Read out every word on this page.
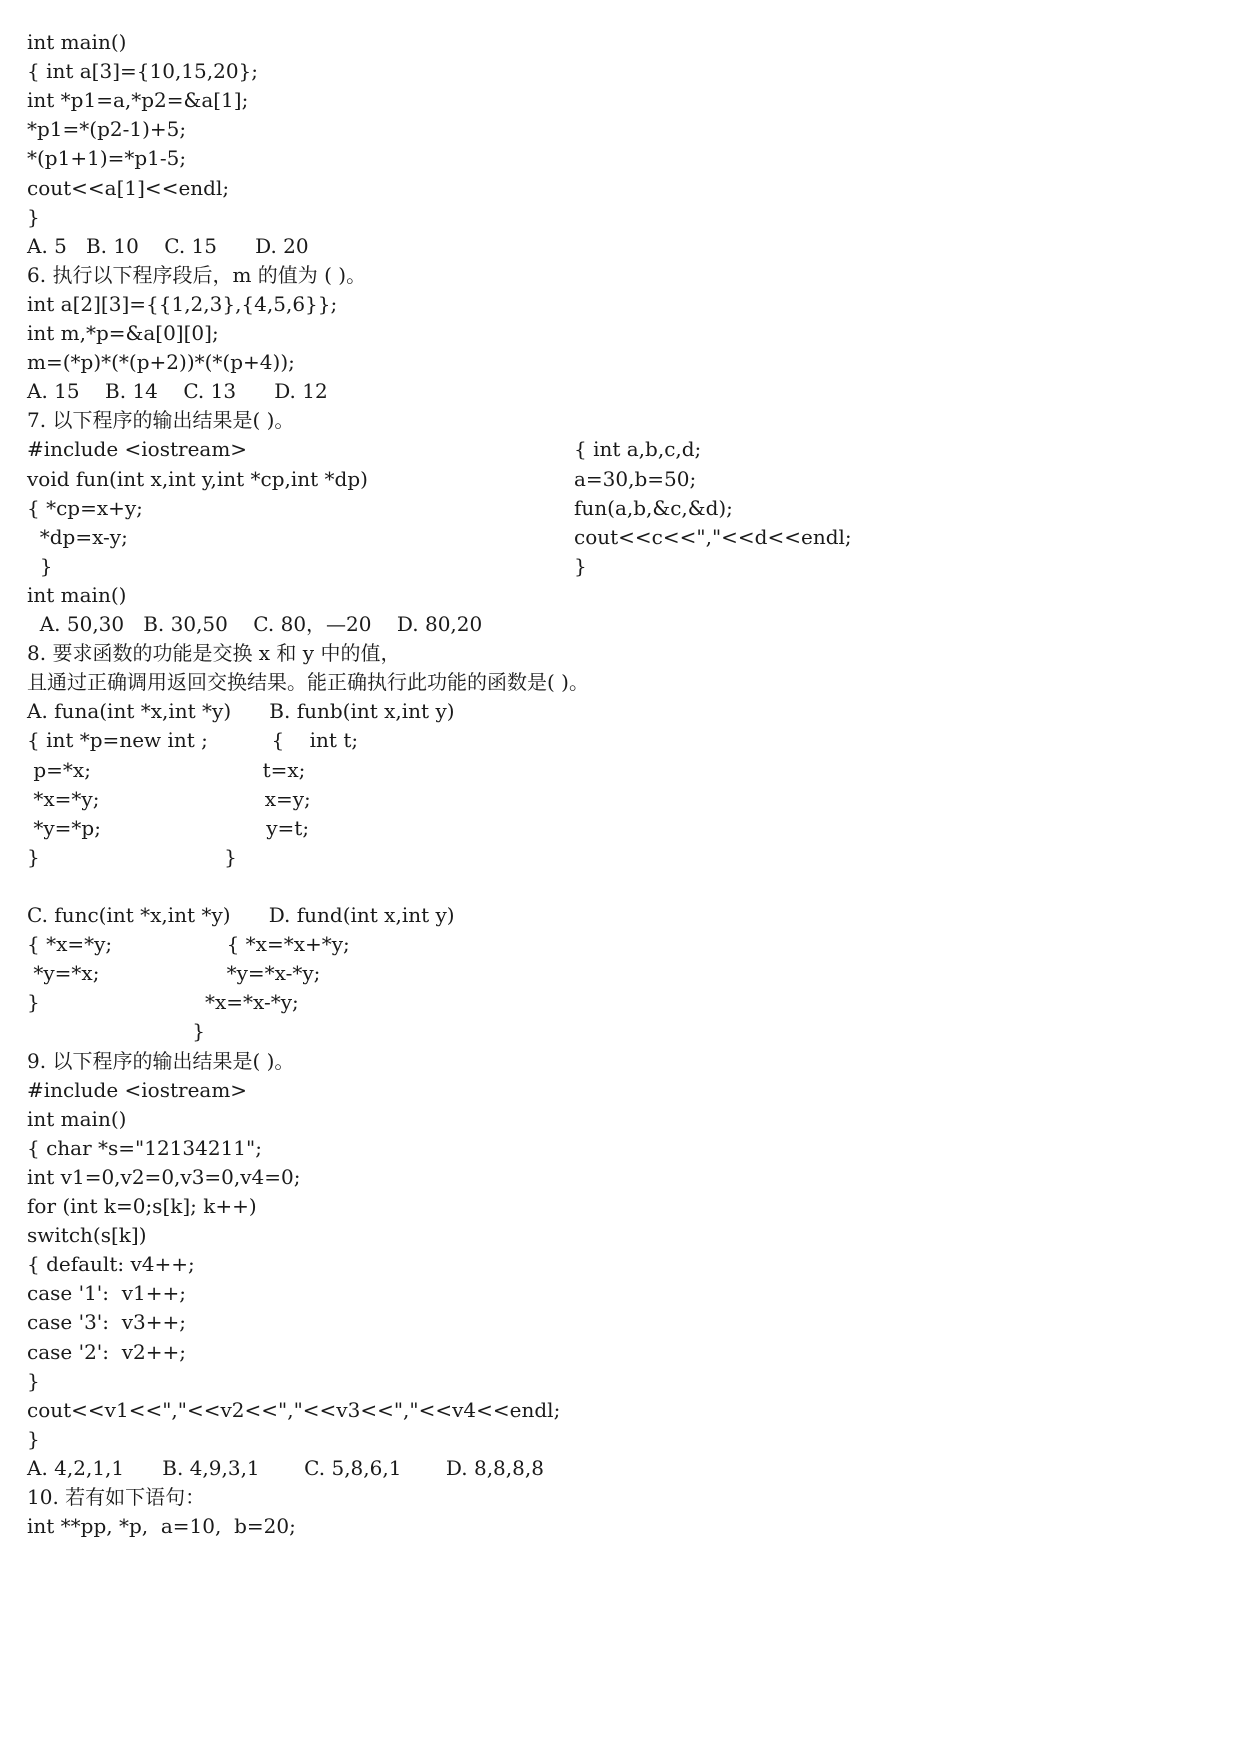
int main()
{ int a[3]={10,15,20};
int *p1=a,*p2=&a[1];
*p1=*(p2-1)+5;
*(p1+1)=*p1-5;
cout<<a[1]<<endl;
}
A. 5   B. 10    C. 15      D. 20
6. 执行以下程序段后，m 的值为 ( )。
int a[2][3]={{1,2,3},{4,5,6}};
int m,*p=&a[0][0];
m=(*p)*(*(p+2))*(*(p+4));
A. 15    B. 14    C. 13      D. 12
7. 以下程序的输出结果是( )。
#include <iostream>
void fun(int x,int y,int *cp,int *dp)
{ *cp=x+y;
*dp=x-y;
}
int main()
A. 50,30   B. 30,50    C. 80，—20    D. 80,20
8. 要求函数的功能是交换 x 和 y 中的值，
且通过正确调用返回交换结果。能正确执行此功能的函数是( )。
A. funa(int *x,int *y)      B. funb(int x,int y)
{ int *p=new int ;          {    int t;
p=*x;                           t=x;
*x=*y;                          x=y;
*y=*p;                          y=t;
}                             }
C. func(int *x,int *y)      D. fund(int x,int y)
{ *x=*y;                  { *x=*x+*y;
*y=*x;                    *y=*x-*y;
}                          *x=*x-*y;
}
9. 以下程序的输出结果是( )。
#include <iostream>
int main()
{ char *s="12134211";
int v1=0,v2=0,v3=0,v4=0;
for (int k=0;s[k]; k++)
switch(s[k])
{ default: v4++;
case '1':  v1++;
case '3':  v3++;
case '2':  v2++;
}
cout<<v1<<","<<v2<<","<<v3<<","<<v4<<endl;
}
A. 4,2,1,1      B. 4,9,3,1       C. 5,8,6,1       D. 8,8,8,8
10. 若有如下语句：
int **pp, *p,  a=10,  b=20;
{ int a,b,c,d;
a=30,b=50;
fun(a,b,&c,&d);
cout<<c<<","<<d<<endl;
}
